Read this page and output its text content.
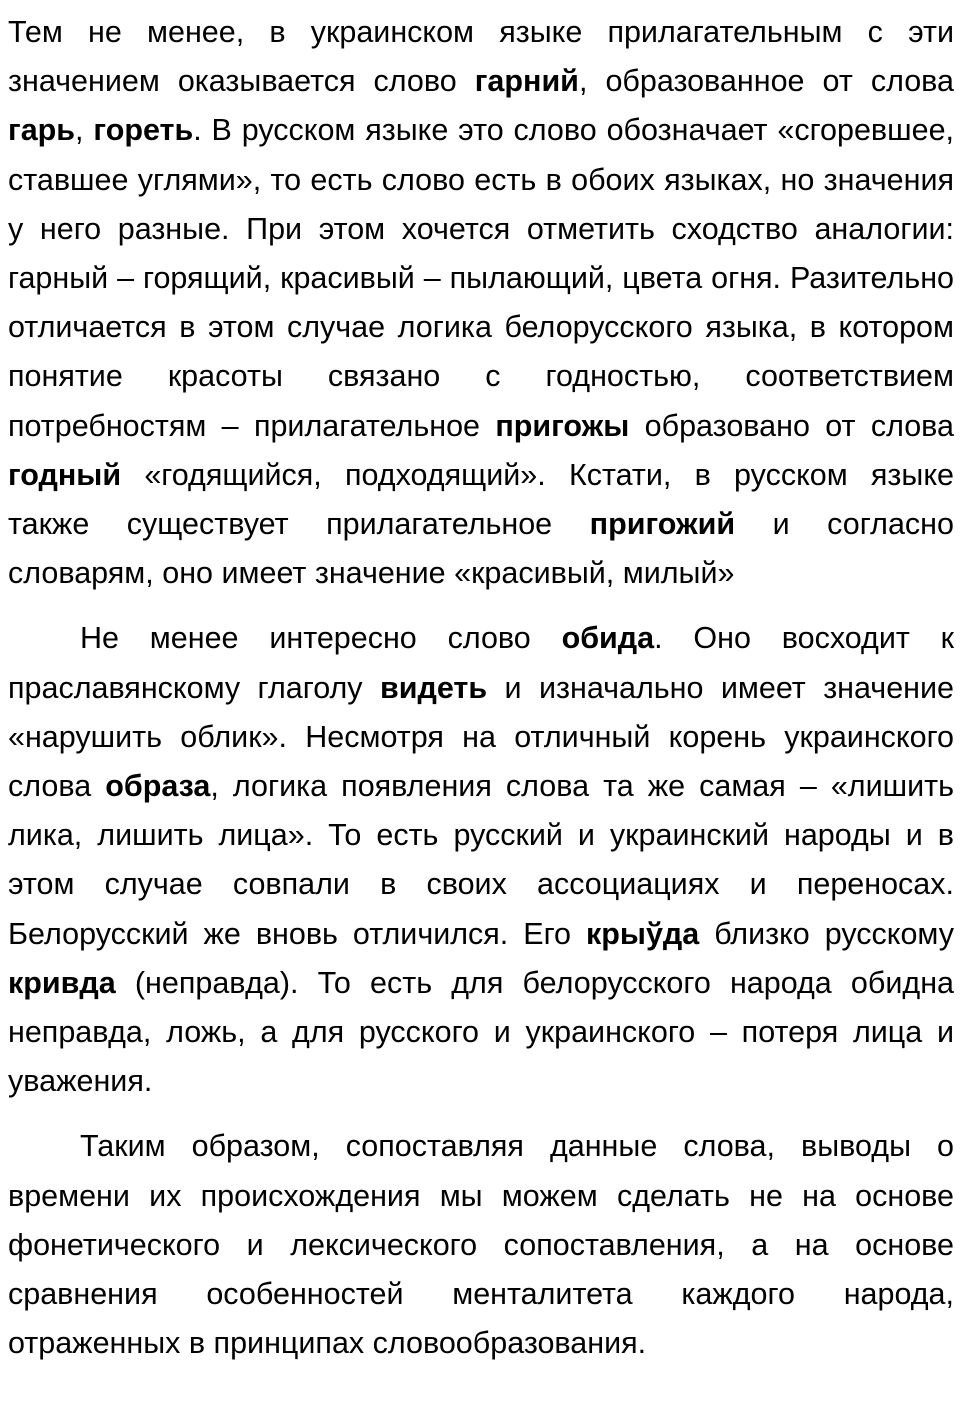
Тем не менее, в украинском языке прилагательным с эти значением оказывается слово гарний, образованное от слова гарь, гореть. В русском языке это слово обозначает «сгоревшее, ставшее углями», то есть слово есть в обоих языках, но значения у него разные. При этом хочется отметить сходство аналогии: гарный – горящий, красивый – пылающий, цвета огня. Разительно отличается в этом случае логика белорусского языка, в котором понятие красоты связано с годностью, соответствием потребностям – прилагательное пригожы образовано от слова годный «годящийся, подходящий». Кстати, в русском языке также существует прилагательное пригожий и согласно словарям, оно имеет значение «красивый, милый»

Не менее интересно слово обида. Оно восходит к праславянскому глаголу видеть и изначально имеет значение «нарушить облик». Несмотря на отличный корень украинского слова образа, логика появления слова та же самая – «лишить лика, лишить лица». То есть русский и украинский народы и в этом случае совпали в своих ассоциациях и переносах. Белорусский же вновь отличился. Его крыўда близко русскому кривда (неправда). То есть для белорусского народа обидна неправда, ложь, а для русского и украинского – потеря лица и уважения.

Таким образом, сопоставляя данные слова, выводы о времени их происхождения мы можем сделать не на основе фонетического и лексического сопоставления, а на основе сравнения особенностей менталитета каждого народа, отраженных в принципах словообразования.
